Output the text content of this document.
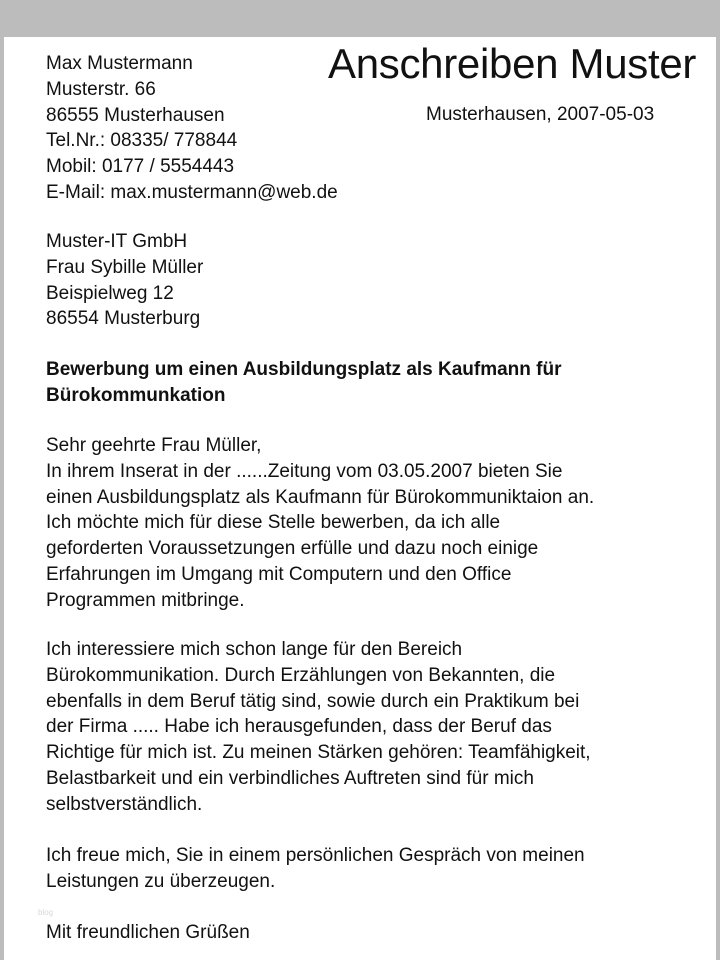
Anschreiben Muster
Max Mustermann
Musterstr. 66
86555 Musterhausen
Tel.Nr.: 08335/ 778844
Mobil: 0177 / 5554443
E-Mail: max.mustermann@web.de
Musterhausen, 2007-05-03
Muster-IT GmbH
Frau Sybille Müller
Beispielweg 12
86554 Musterburg
Bewerbung um einen Ausbildungsplatz als Kaufmann für
Bürokommunkation
Sehr geehrte Frau Müller,
In ihrem Inserat in der ......Zeitung vom 03.05.2007 bieten Sie
einen Ausbildungsplatz als Kaufmann für Bürokommuniktaion an.
Ich möchte mich für diese Stelle bewerben, da ich alle
geforderten Voraussetzungen erfülle und dazu noch einige
Erfahrungen im Umgang mit Computern und den Office
Programmen mitbringe.
Ich interessiere mich schon lange für den Bereich
Bürokommunikation. Durch Erzählungen von Bekannten, die
ebenfalls in dem Beruf tätig sind, sowie durch ein Praktikum bei
der Firma ..... Habe ich herausgefunden, dass der Beruf das
Richtige für mich ist. Zu meinen Stärken gehören: Teamfähigkeit,
Belastbarkeit und ein verbindliches Auftreten sind für mich
selbstverständlich.
Ich freue mich, Sie in einem persönlichen Gespräch von meinen
Leistungen zu überzeugen.
blog
Mit freundlichen Grüßen
